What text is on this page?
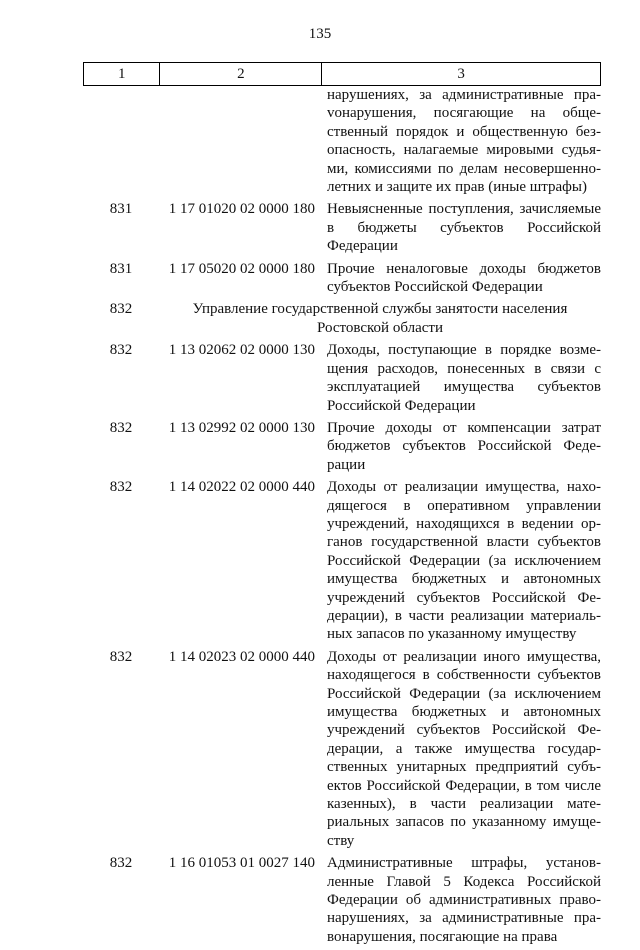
135
1	2	3
нарушениях, за административные праvонарушения, посягающие на общественный порядок и общественную безопасность, налагаемые мировыми судьями, комиссиями по делам несовершеннолетних и защите их прав (иные штрафы)
831	1 17 01020 02 0000 180 Невыясненные поступления, зачисляемые в бюджеты субъектов Российской Федерации
831	1 17 05020 02 0000 180 Прочие неналоговые доходы бюджетов субъектов Российской Федерации
832	Управление государственной службы занятости населения Ростовской области
832	1 13 02062 02 0000 130 Доходы, поступающие в порядке возмещения расходов, понесенных в связи с эксплуатацией имущества субъектов Российской Федерации
832	1 13 02992 02 0000 130 Прочие доходы от компенсации затрат бюджетов субъектов Российской Федерации
832	1 14 02022 02 0000 440 Доходы от реализации имущества, находящегося в оперативном управлении учреждений, находящихся в ведении органов государственной власти субъектов Российской Федерации (за исключением имущества бюджетных и автономных учреждений субъектов Российской Федерации), в части реализации материальных запасов по указанному имуществу
832	1 14 02023 02 0000 440 Доходы от реализации иного имущества, находящегося в собственности субъектов Российской Федерации (за исключением имущества бюджетных и автономных учреждений субъектов Российской Федерации, а также имущества государственных унитарных предприятий субъектов Российской Федерации, в том числе казенных), в части реализации материальных запасов по указанному имуществу
832	1 16 01053 01 0027 140 Административные штрафы, установленные Главой 5 Кодекса Российской Федерации об административных правонарушениях, за административные правонарушения, посягающие на права
